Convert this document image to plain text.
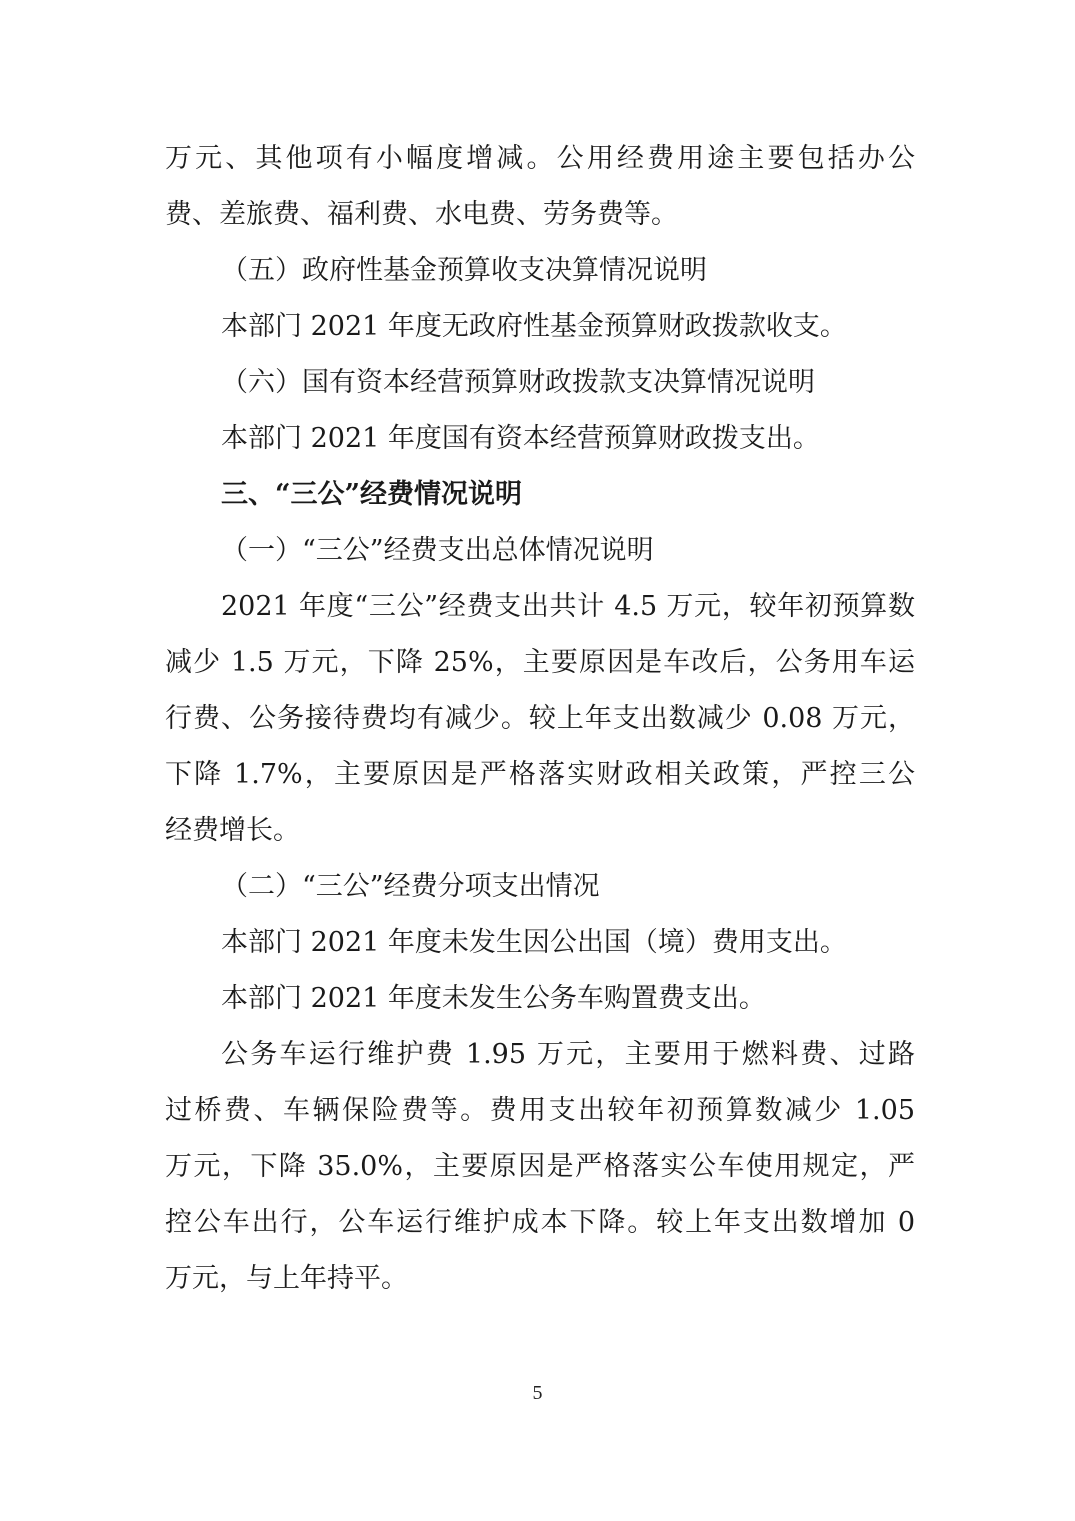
万元、其他项有小幅度增减。公用经费用途主要包括办公
费、差旅费、福利费、水电费、劳务费等。
（五）政府性基金预算收支决算情况说明
本部门 2021 年度无政府性基金预算财政拨款收支。
（六）国有资本经营预算财政拨款支决算情况说明
本部门 2021 年度国有资本经营预算财政拨支出。
三、“三公”经费情况说明
（一）“三公”经费支出总体情况说明
2021 年度“三公”经费支出共计 4.5 万元，较年初预算数
减少 1.5 万元，下降 25%，主要原因是车改后，公务用车运
行费、公务接待费均有减少。较上年支出数减少 0.08 万元，
下降 1.7%，主要原因是严格落实财政相关政策，严控三公
经费增长。
（二）“三公”经费分项支出情况
本部门 2021 年度未发生因公出国（境）费用支出。
本部门 2021 年度未发生公务车购置费支出。
公务车运行维护费 1.95 万元，主要用于燃料费、过路
过桥费、车辆保险费等。费用支出较年初预算数减少 1.05
万元，下降 35.0%，主要原因是严格落实公车使用规定，严
控公车出行，公车运行维护成本下降。较上年支出数增加 0
万元，与上年持平。
5
